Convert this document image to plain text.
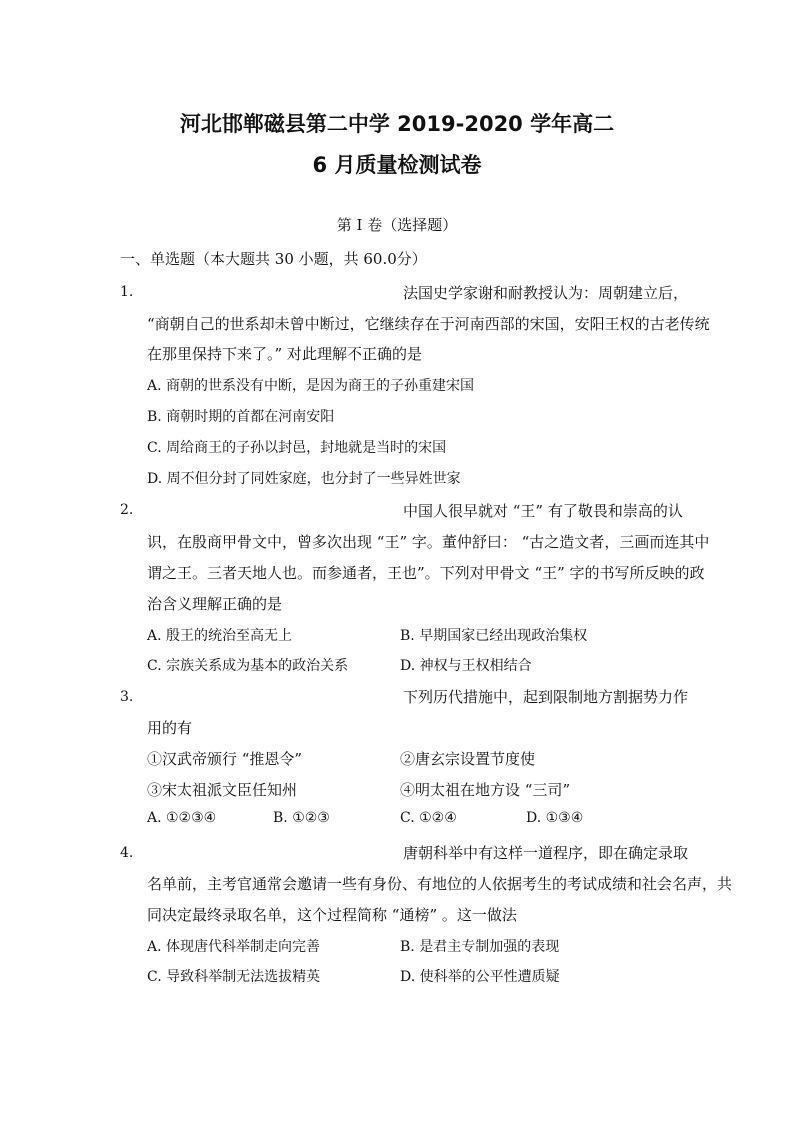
河北邯郸磁县第二中学 2019-2020 学年高二
6 月质量检测试卷
第 I 卷（选择题）
一、单选题（本大题共 30 小题，共 60.0分）
1.	法国史学家谢和耐教授认为：周朝建立后，
“商朝自己的世系却未曾中断过，它继续存在于河南西部的宋国，安阳王权的古老传统
在那里保持下来了。” 对此理解不正确的是
A. 商朝的世系没有中断，是因为商王的子孙重建宋国
B. 商朝时期的首都在河南安阳
C. 周给商王的子孙以封邑，封地就是当时的宋国
D. 周不但分封了同姓家庭，也分封了一些异姓世家
2.	中国人很早就对 “王” 有了敬畏和崇高的认
识，在殷商甲骨文中，曾多次出现 “王” 字。董仲舒曰： “古之造文者，三画而连其中
谓之王。三者天地人也。而参通者，王也”。下列对甲骨文 “王” 字的书写所反映的政
治含义理解正确的是
A. 殷王的统治至高无上	B. 早期国家已经出现政治集权
C. 宗族关系成为基本的政治关系	D. 神权与王权相结合
3.	下列历代措施中，起到限制地方割据势力作
用的有
①汉武帝颁行 “推恩令”	②唐玄宗设置节度使
③宋太祖派文臣任知州	④明太祖在地方设 “三司”
A. ①②③④	B. ①②③	C. ①②④	D. ①③④
4.	唐朝科举中有这样一道程序，即在确定录取
名单前，主考官通常会邀请一些有身份、有地位的人依据考生的考试成绩和社会名声，共
同决定最终录取名单，这个过程简称 “通榜” 。这一做法
A. 体现唐代科举制走向完善	B. 是君主专制加强的表现
C. 导致科举制无法选拔精英	D. 使科举的公平性遭质疑
